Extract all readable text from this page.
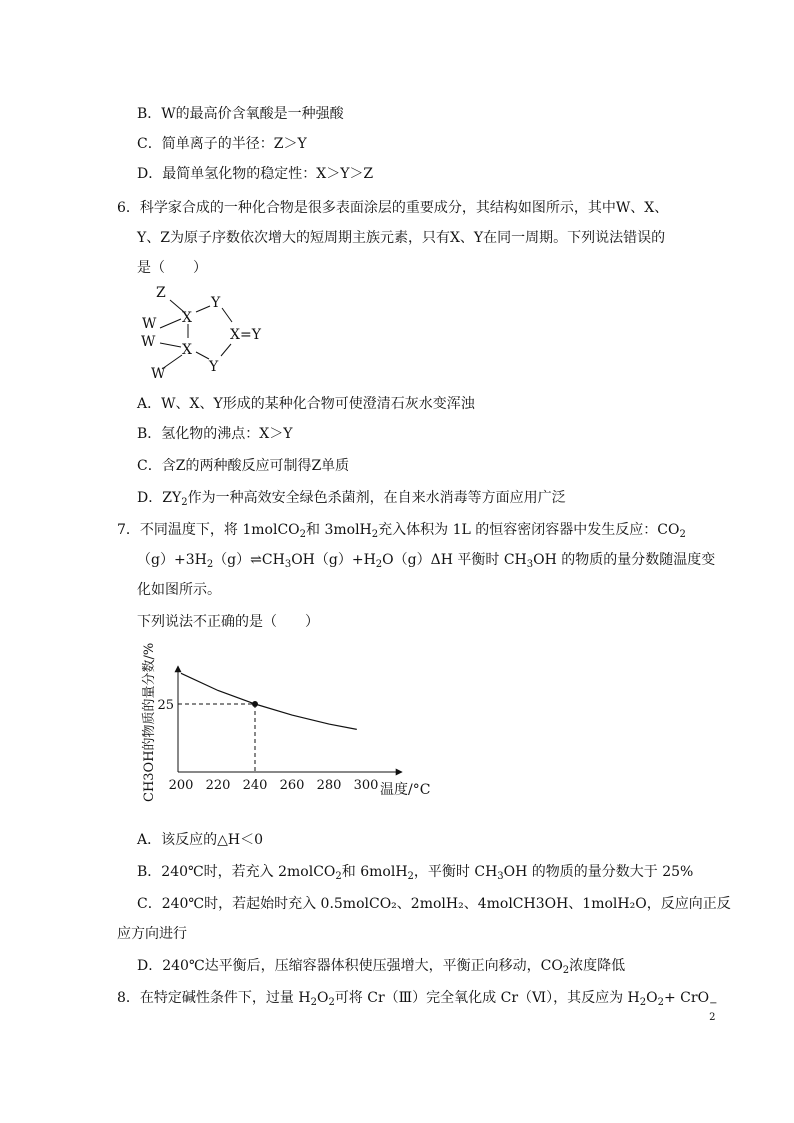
B．W的最高价含氧酸是一种强酸
C．简单离子的半径：Z＞Y
D．最简单氢化物的稳定性：X＞Y＞Z
6．科学家合成的一种化合物是很多表面涂层的重要成分，其结构如图所示，其中W、X、
Y、Z为原子序数依次增大的短周期主族元素，只有X、Y在同一周期。下列说法错误的
是（　　）
Z
X
Y
W
X=Y
W X
Y
W
A．W、X、Y形成的某种化合物可使澄清石灰水变浑浊
B．氢化物的沸点：X＞Y
C．含Z的两种酸反应可制得Z单质
D．$ZY_2$作为一种高效安全绿色杀菌剂，在自来水消毒等方面应用广泛
7．不同温度下，将 1molCO$_2$和 3molH$_2$充入体积为 1L 的恒容密闭容器中发生反应：$CO_2$
$(g)+3H_2(g)\rightleftharpoons CH_3OH(g)+H_2O(g)\Delta H$ 平衡时 $CH_3OH$ 的物质的量分数随温度变
化如图所示。
下列说法不正确的是（　　）
200 220 240 260 280 300
25
温度/°C
CH3OH的物质的量分数/%
A．该反应的△H＜0
B．240℃时，若充入 2molCO$_2$和 6molH$_2$，平衡时 $CH_3OH$ 的物质的量分数大于 25%
C．240℃时，若起始时充入 0.5molCO₂、2molH₂、4molCH3OH、1molH₂O，反应向正反
应方向进行
D．240℃达平衡后，压缩容器体积使压强增大，平衡正向移动，$CO_2$浓度降低
8．在特定碱性条件下，过量 $H_2O_2$可将 Cr（Ⅲ）完全氧化成 Cr（Ⅵ），其反应为 $H_2O_2+$ CrO −
2
